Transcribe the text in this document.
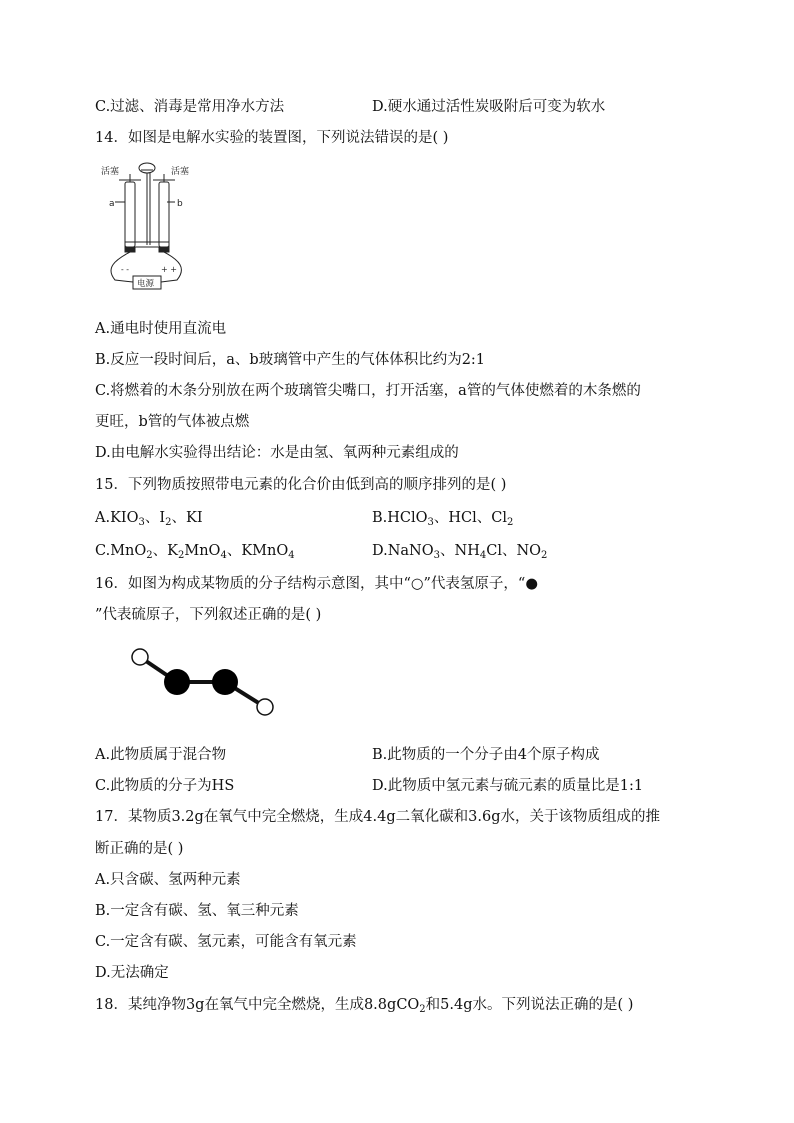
C.过滤、消毒是常用净水方法	D.硬水通过活性炭吸附后可变为软水
14．如图是电解水实验的装置图，下列说法错误的是( )
活塞	活塞
a	b
- -	+ +
电源
A.通电时使用直流电
B.反应一段时间后，a、b玻璃管中产生的气体体积比约为2:1
C.将燃着的木条分别放在两个玻璃管尖嘴口，打开活塞，a管的气体使燃着的木条燃的
更旺，b管的气体被点燃
D.由电解水实验得出结论：水是由氢、氧两种元素组成的
15．下列物质按照带电元素的化合价由低到高的顺序排列的是( )
$A.KIO_3$、$I_2$、KI	B.HClO$_3$、HCl、$Cl_2$
C.MnO$_2$、$K_2MnO_4$、KMnO$_4$	D.NaNO$_3$、$NH_4Cl$、$NO_2$
16．如图为构成某物质的分子结构示意图，其中“○”代表氢原子，“●
”代表硫原子，下列叙述正确的是( )
A.此物质属于混合物	B.此物质的一个分子由4个原子构成
C.此物质的分子为HS	D.此物质中氢元素与硫元素的质量比是1:1
17．某物质3.2g在氧气中完全燃烧，生成4.4g二氧化碳和3.6g水，关于该物质组成的推
断正确的是( )
A.只含碳、氢两种元素
B.一定含有碳、氢、氧三种元素
C.一定含有碳、氢元素，可能含有氧元素
D.无法确定
18．某纯净物3g在氧气中完全燃烧，生成8.8gCO$_2$和5.4g水。下列说法正确的是( )
